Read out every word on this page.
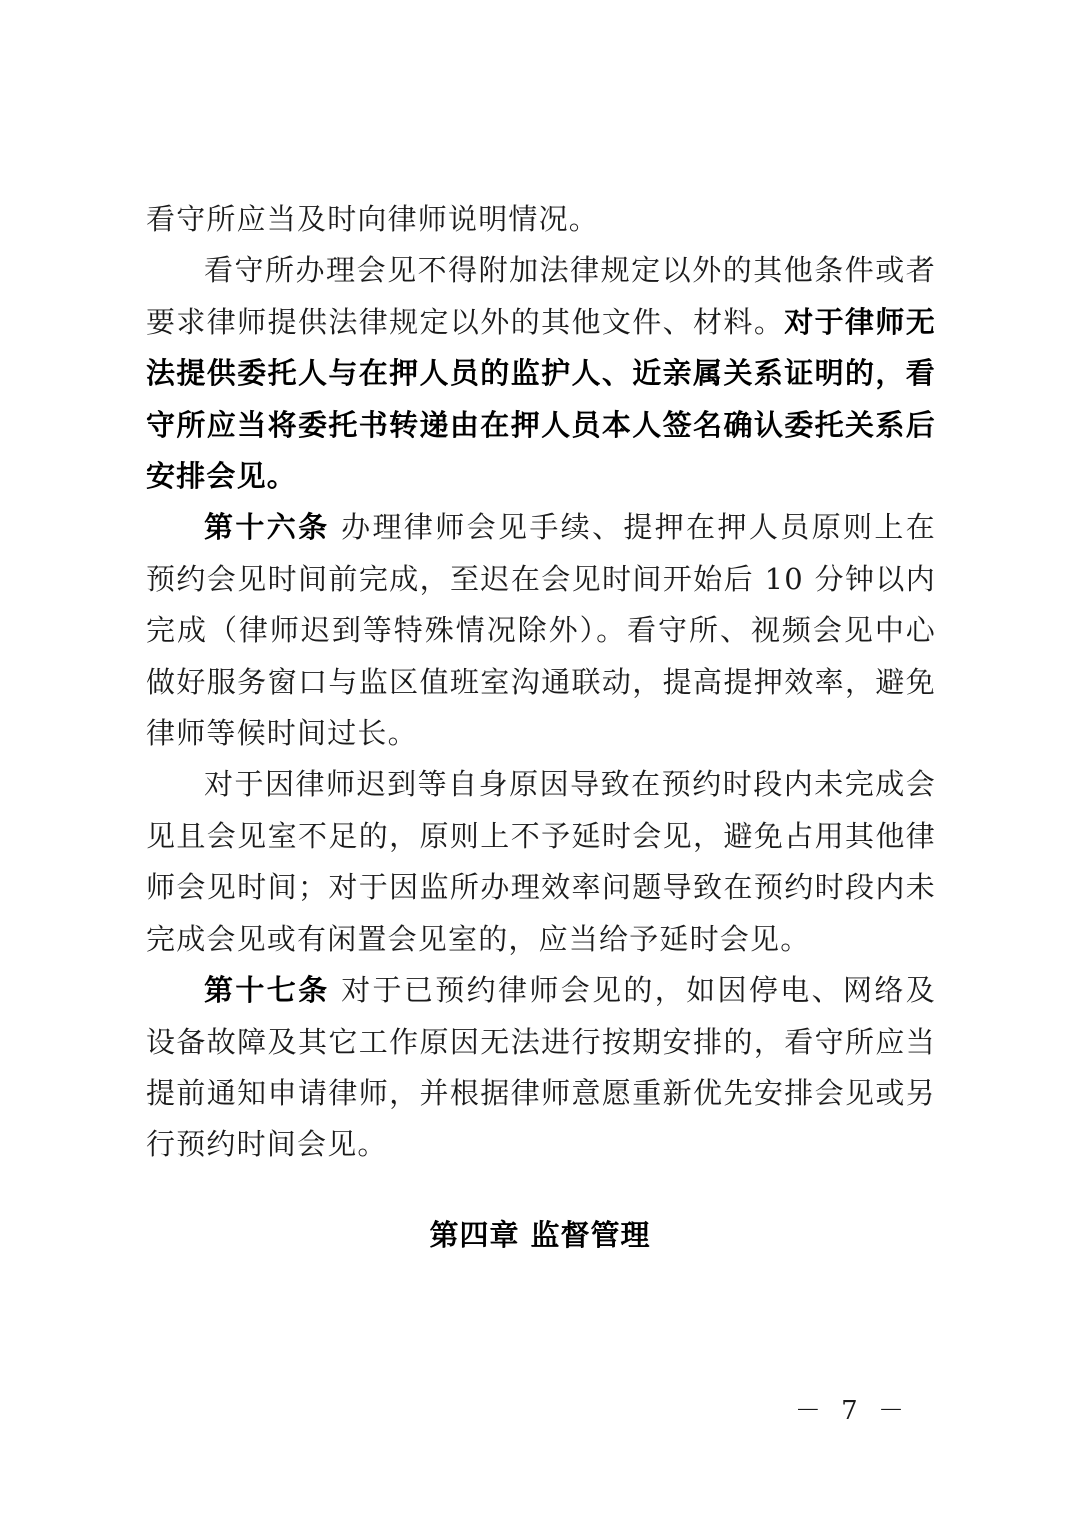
看守所应当及时向律师说明情况。

看守所办理会见不得附加法律规定以外的其他条件或者要求律师提供法律规定以外的其他文件、材料。对于律师无法提供委托人与在押人员的监护人、近亲属关系证明的，看守所应当将委托书转递由在押人员本人签名确认委托关系后安排会见。

第十六条 办理律师会见手续、提押在押人员原则上在预约会见时间前完成，至迟在会见时间开始后 10 分钟以内完成（律师迟到等特殊情况除外）。看守所、视频会见中心做好服务窗口与监区值班室沟通联动，提高提押效率，避免律师等候时间过长。

对于因律师迟到等自身原因导致在预约时段内未完成会见且会见室不足的，原则上不予延时会见，避免占用其他律师会见时间；对于因监所办理效率问题导致在预约时段内未完成会见或有闲置会见室的，应当给予延时会见。

第十七条 对于已预约律师会见的，如因停电、网络及设备故障及其它工作原因无法进行按期安排的，看守所应当提前通知申请律师，并根据律师意愿重新优先安排会见或另行预约时间会见。

第四章 监督管理
－ 7 －
